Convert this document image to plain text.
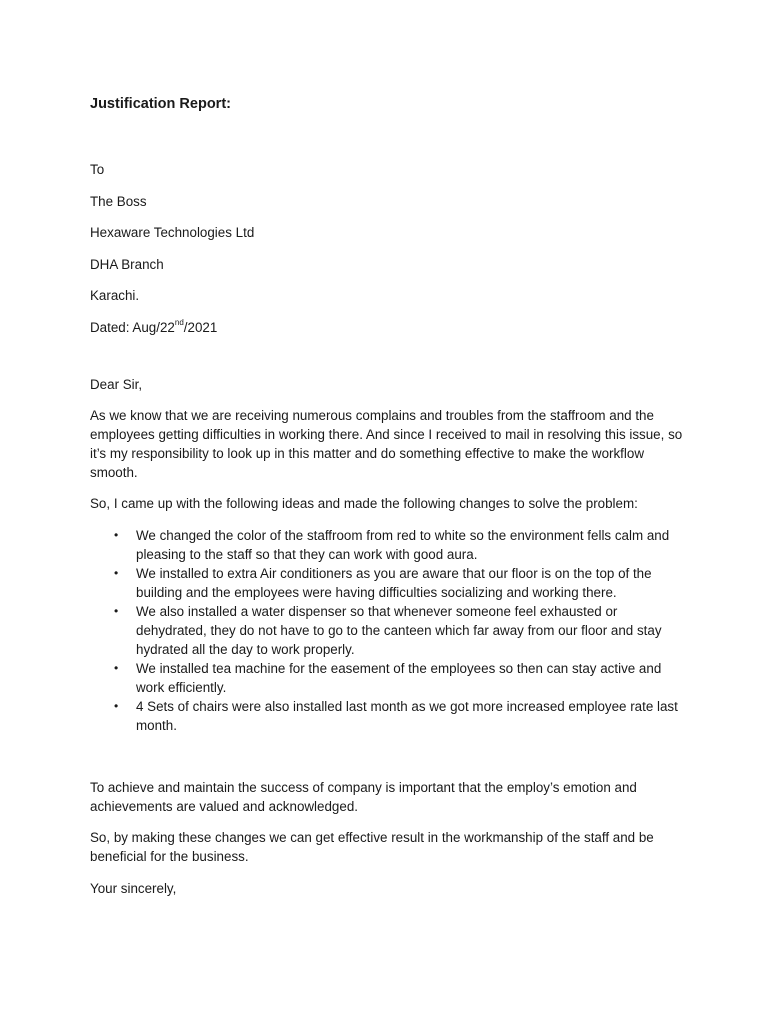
Justification Report:
To
The Boss
Hexaware Technologies Ltd
DHA Branch
Karachi.
Dated: Aug/22nd/2021
Dear Sir,
As we know that we are receiving numerous complains and troubles from the staffroom and the employees getting difficulties in working there. And since I received to mail in resolving this issue, so it’s my responsibility to look up in this matter and do something effective to make the workflow smooth.
So, I came up with the following ideas and made the following changes to solve the problem:
• We changed the color of the staffroom from red to white so the environment fells calm and pleasing to the staff so that they can work with good aura.
• We installed to extra Air conditioners as you are aware that our floor is on the top of the building and the employees were having difficulties socializing and working there.
• We also installed a water dispenser so that whenever someone feel exhausted or dehydrated, they do not have to go to the canteen which far away from our floor and stay hydrated all the day to work properly.
• We installed tea machine for the easement of the employees so then can stay active and work efficiently.
• 4 Sets of chairs were also installed last month as we got more increased employee rate last month.
To achieve and maintain the success of company is important that the employ’s emotion and achievements are valued and acknowledged.
So, by making these changes we can get effective result in the workmanship of the staff and be beneficial for the business.
Your sincerely,
